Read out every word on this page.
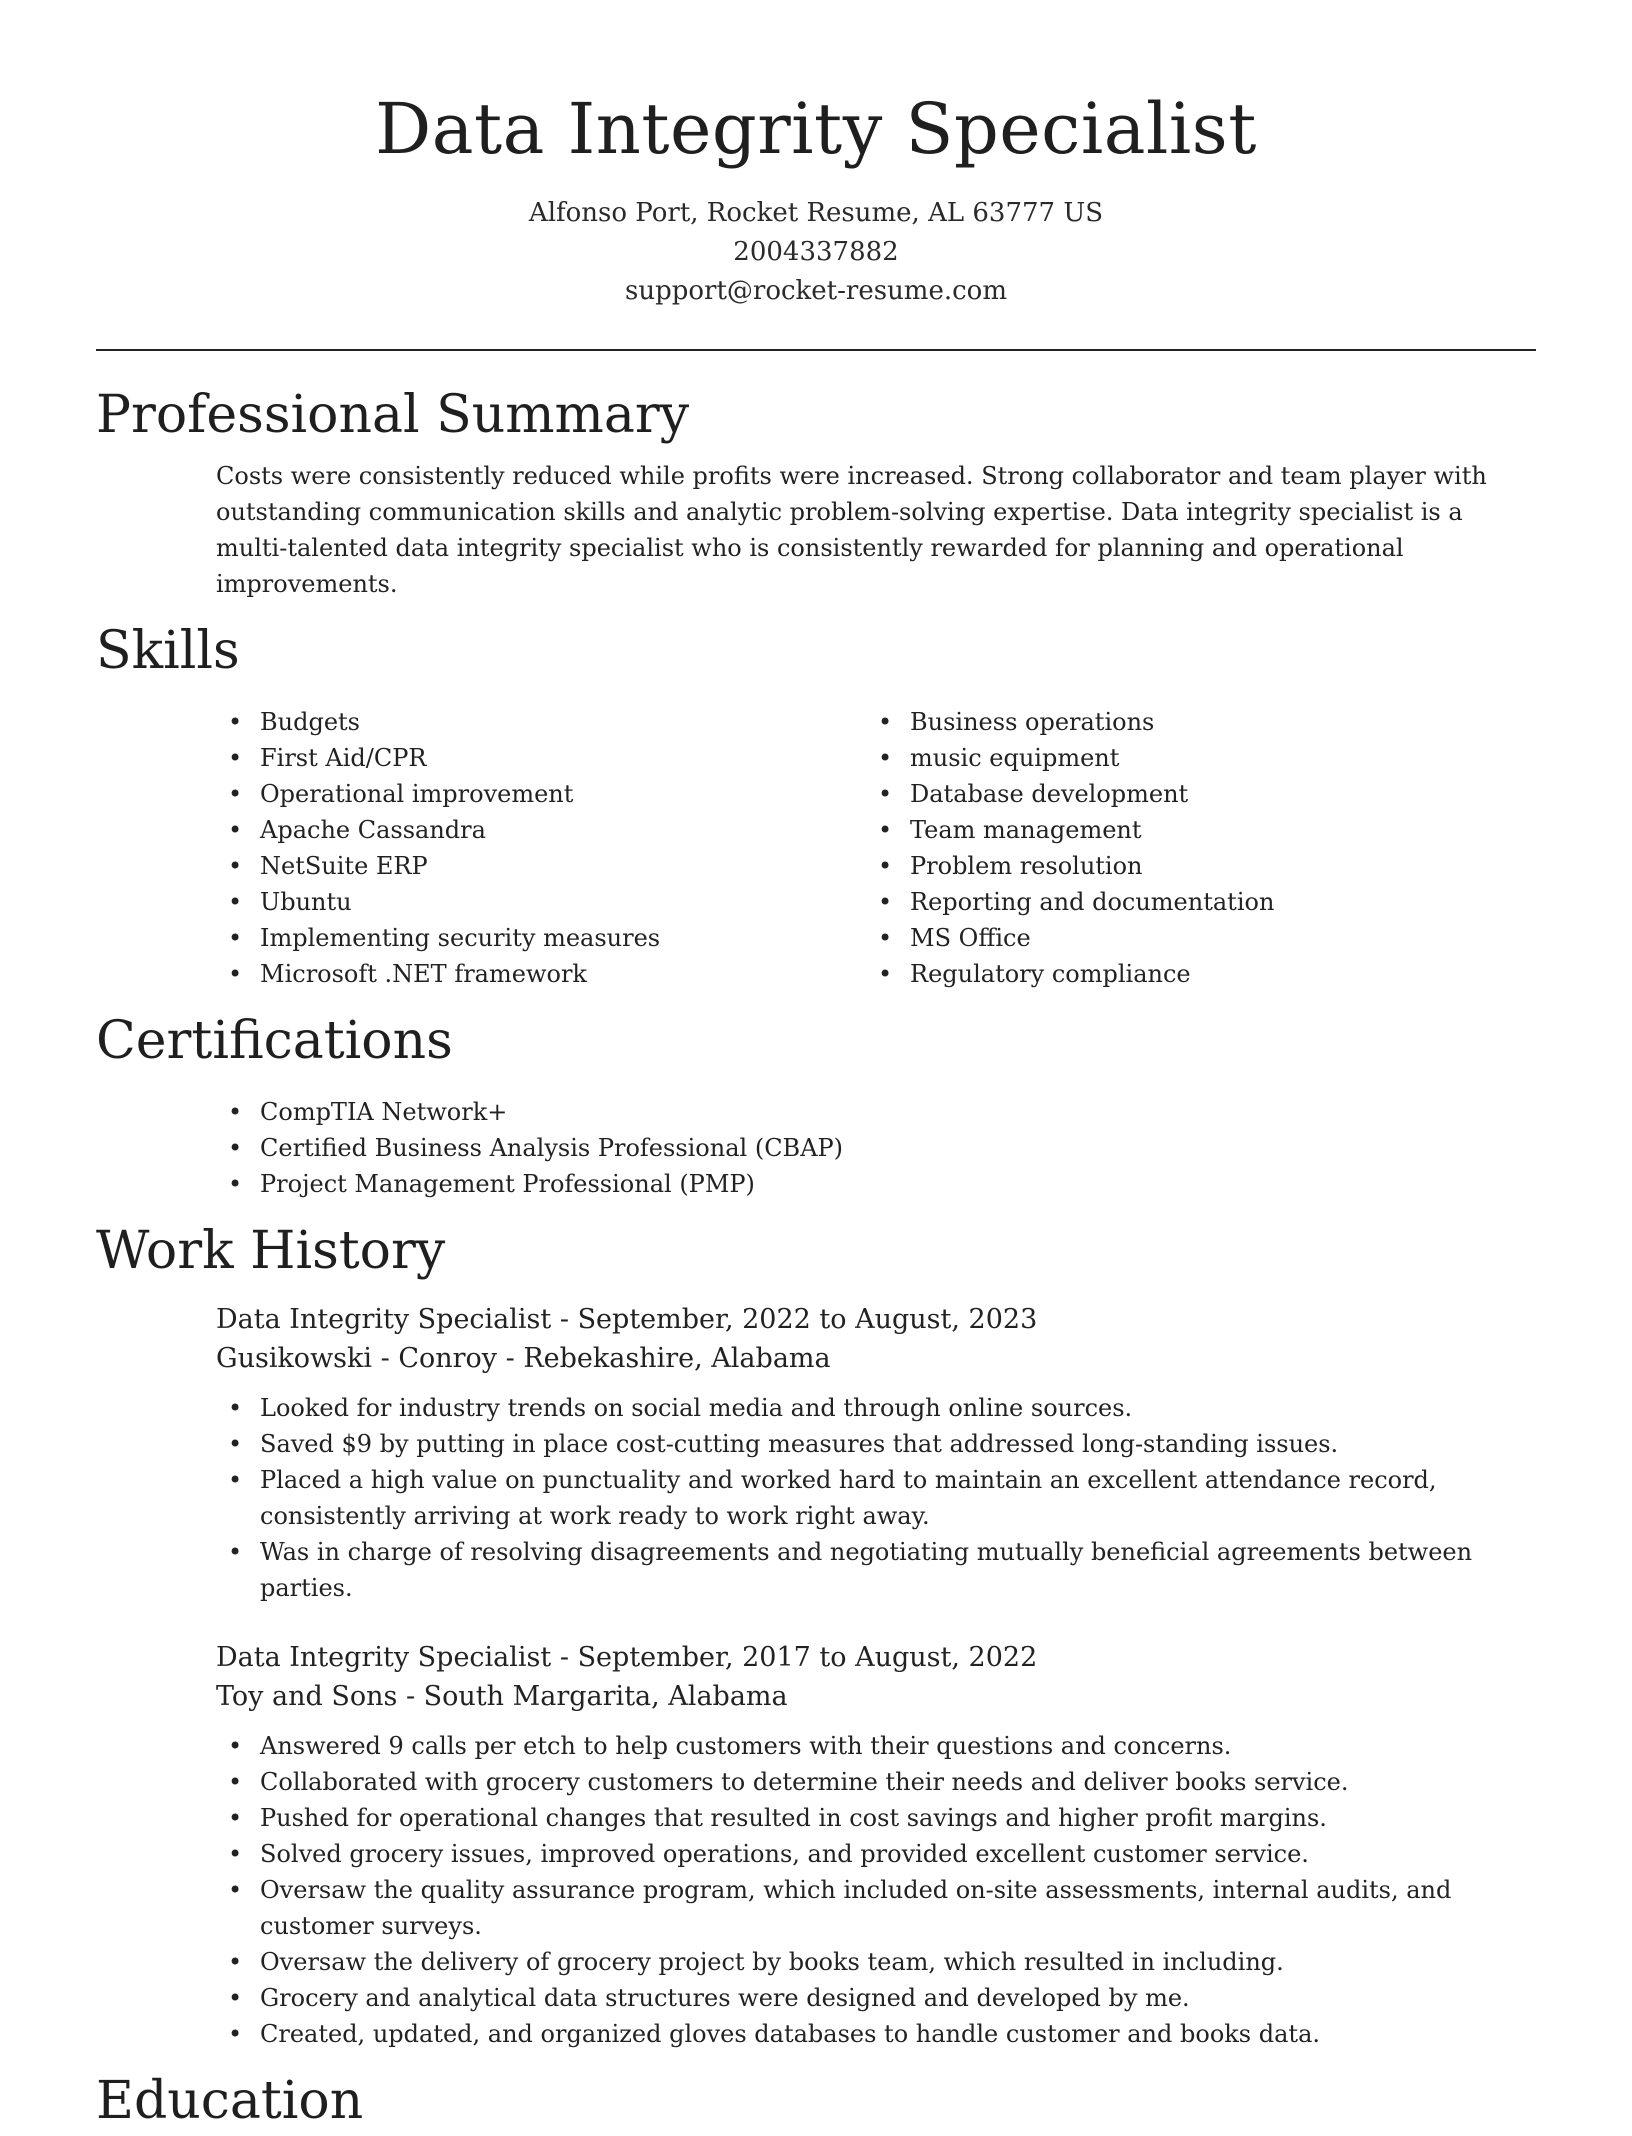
Data Integrity Specialist
Alfonso Port, Rocket Resume, AL 63777 US
2004337882
support@rocket-resume.com
Professional Summary

Costs were consistently reduced while profits were increased. Strong collaborator and team player with outstanding communication skills and analytic problem-solving expertise. Data integrity specialist is a multi-talented data integrity specialist who is consistently rewarded for planning and operational improvements.

Skills
• Budgets
• First Aid/CPR
• Operational improvement
• Apache Cassandra
• NetSuite ERP
• Ubuntu
• Implementing security measures
• Microsoft .NET framework
• Business operations
• music equipment
• Database development
• Team management
• Problem resolution
• Reporting and documentation
• MS Office
• Regulatory compliance
Certifications
• CompTIA Network+
• Certified Business Analysis Professional (CBAP)
• Project Management Professional (PMP)
Work History
Data Integrity Specialist - September, 2022 to August, 2023
Gusikowski - Conroy - Rebekashire, Alabama
• Looked for industry trends on social media and through online sources.
• Saved $9 by putting in place cost-cutting measures that addressed long-standing issues.
• Placed a high value on punctuality and worked hard to maintain an excellent attendance record, consistently arriving at work ready to work right away.
• Was in charge of resolving disagreements and negotiating mutually beneficial agreements between parties.
Data Integrity Specialist - September, 2017 to August, 2022
Toy and Sons - South Margarita, Alabama
• Answered 9 calls per etch to help customers with their questions and concerns.
• Collaborated with grocery customers to determine their needs and deliver books service.
• Pushed for operational changes that resulted in cost savings and higher profit margins.
• Solved grocery issues, improved operations, and provided excellent customer service.
• Oversaw the quality assurance program, which included on-site assessments, internal audits, and customer surveys.
• Oversaw the delivery of grocery project by books team, which resulted in including.
• Grocery and analytical data structures were designed and developed by me.
• Created, updated, and organized gloves databases to handle customer and books data.
Education
